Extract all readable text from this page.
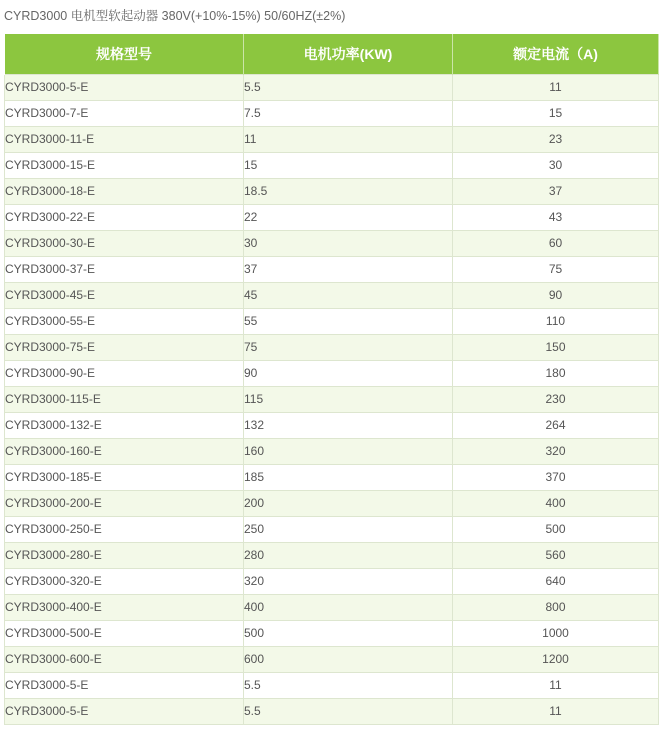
CYRD3000 电机型软起动器 380V(+10%-15%) 50/60HZ(±2%)
规格型号	电机功率(KW)	额定电流（A)
CYRD3000-5-E	5.5	11
CYRD3000-7-E	7.5	15
CYRD3000-11-E	11	23
CYRD3000-15-E	15	30
CYRD3000-18-E	18.5	37
CYRD3000-22-E	22	43
CYRD3000-30-E	30	60
CYRD3000-37-E	37	75
CYRD3000-45-E	45	90
CYRD3000-55-E	55	110
CYRD3000-75-E	75	150
CYRD3000-90-E	90	180
CYRD3000-115-E	115	230
CYRD3000-132-E	132	264
CYRD3000-160-E	160	320
CYRD3000-185-E	185	370
CYRD3000-200-E	200	400
CYRD3000-250-E	250	500
CYRD3000-280-E	280	560
CYRD3000-320-E	320	640
CYRD3000-400-E	400	800
CYRD3000-500-E	500	1000
CYRD3000-600-E	600	1200
CYRD3000-5-E	5.5	11
CYRD3000-5-E	5.5	11
